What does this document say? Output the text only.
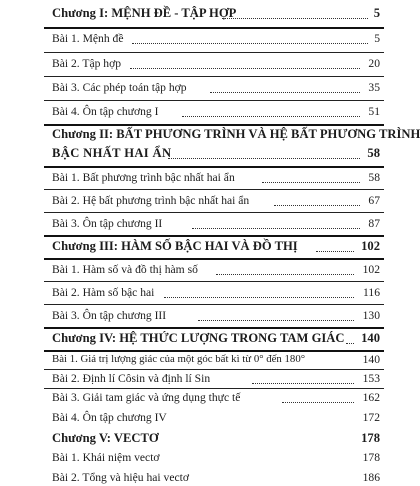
Chương I: MỆNH ĐỀ - TẬP HỢP	5
Bài 1. Mệnh đề	5
Bài 2. Tập hợp	20
Bài 3. Các phép toán tập hợp	35
Bài 4. Ôn tập chương I	51
Chương II: BẤT PHƯƠNG TRÌNH VÀ HỆ BẤT PHƯƠNG TRÌNH
BẬC NHẤT HAI ẨN	58
Bài 1. Bất phương trình bậc nhất hai ẩn	58
Bài 2. Hệ bất phương trình bậc nhất hai ẩn	67
Bài 3. Ôn tập chương II	87
Chương III: HÀM SỐ BẬC HAI VÀ ĐỒ THỊ	102
Bài 1. Hàm số và đồ thị hàm số	102
Bài 2. Hàm số bậc hai	116
Bài 3. Ôn tập chương III	130
Chương IV: HỆ THỨC LƯỢNG TRONG TAM GIÁC 140
Bài 1. Giá trị lượng giác của một góc bất kì từ 0° đến 180°	140
Bài 2. Định lí Côsin và định lí Sin	153
Bài 3. Giải tam giác và ứng dụng thực tế	162
Bài 4. Ôn tập chương IV	172
Chương V: VECTƠ	178
Bài 1. Khái niệm vectơ	178
Bài 2. Tổng và hiệu hai vectơ	186
